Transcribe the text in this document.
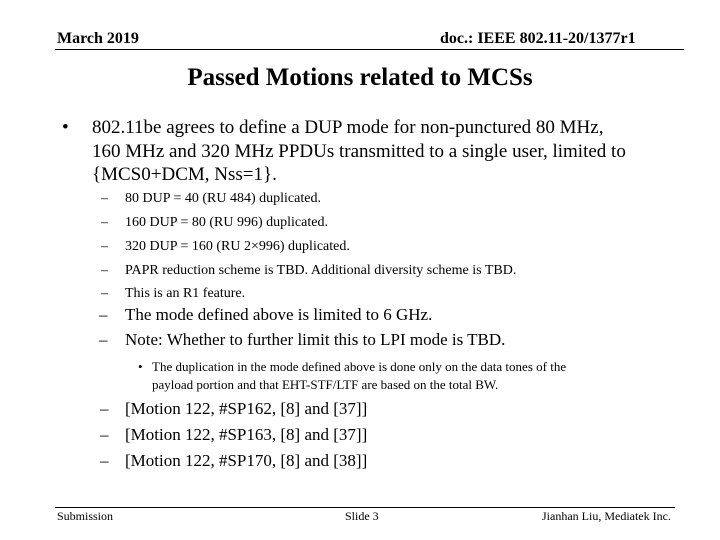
March 2019	doc.: IEEE 802.11-20/1377r1
Passed Motions related to MCSs
• 802.11be agrees to define a DUP mode for non-punctured 80 MHz,
160 MHz and 320 MHz PPDUs transmitted to a single user, limited to
{MCS0+DCM, Nss=1}.
– 80 DUP = 40 (RU 484) duplicated.
– 160 DUP = 80 (RU 996) duplicated.
– 320 DUP = 160 (RU 2×996) duplicated.
– PAPR reduction scheme is TBD. Additional diversity scheme is TBD.
– This is an R1 feature.
– The mode defined above is limited to 6 GHz.
– Note: Whether to further limit this to LPI mode is TBD.
• The duplication in the mode defined above is done only on the data tones of the
payload portion and that EHT-STF/LTF are based on the total BW.
– [Motion 122, #SP162, [8] and [37]]
– [Motion 122, #SP163, [8] and [37]]
– [Motion 122, #SP170, [8] and [38]]
Submission	Slide 3	Jianhan Liu, Mediatek Inc.
